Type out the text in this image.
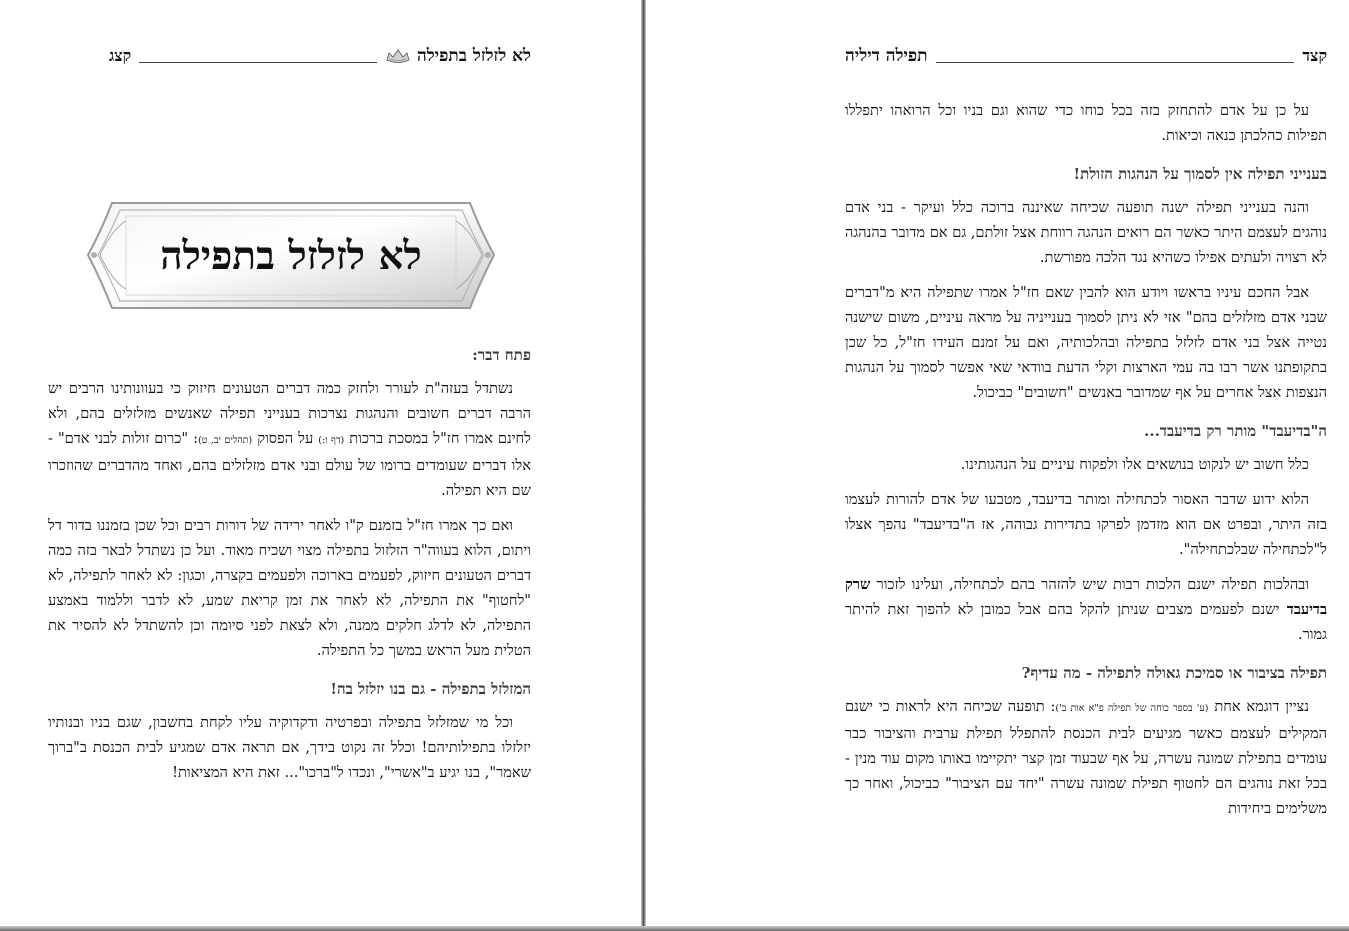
לא לזלזל בתפילה
קצג
לא לזלזל בתפילה
פתח דבר:

נשתדל בעזה"ת לעורר ולחזק כמה דברים הטעונים חיזוק כי בעוונותינו הרבים יש הרבה דברים חשובים והנהגות נצרכות בענייני תפילה שאנשים מזלזלים בהם, ולא לחינם אמרו חז"ל במסכת ברכות (דף ו:) על הפסוק (תהלים יב, ט): "כרום זולות לבני אדם" - אלו דברים שעומדים ברומו של עולם ובני אדם מזלזלים בהם, ואחד מהדברים שהוזכרו שם היא תפילה.

ואם כך אמרו חז"ל בזמנם ק"ו לאחר ירידה של דורות רבים וכל שכן בזמננו בדור דל ויתום, הלוא בעווה"ר הזלזול בתפילה מצוי ושכיח מאוד. ועל כן נשתדל לבאר בזה כמה דברים הטעונים חיזוק, לפעמים בארוכה ולפעמים בקצרה, וכגון: לא לאחר לתפילה, לא "לחטוף" את התפילה, לא לאחר את זמן קריאת שמע, לא לדבר וללמוד באמצע התפילה, לא לדלג חלקים ממנה, ולא לצאת לפני סיומה וכן להשתדל לא להסיר את הטלית מעל הראש במשך כל התפילה.

המזלזל בתפילה - גם בנו יזלזל בה!

וכל מי שמזלזל בתפילה ובפרטיה ודקדוקיה עליו לקחת בחשבון, שגם בניו ובנותיו יזלזלו בתפילותיהם! וכלל זה נקוט בידך, אם תראה אדם שמגיע לבית הכנסת ב"ברוך שאמר", בנו יגיע ב"אשרי", ונכדו ל"ברכו"... זאת היא המציאות!

קצד
תפילה דיליה

על כן על אדם להתחזק בזה בכל כוחו כדי שהוא וגם בניו וכל הרואהו יתפללו תפילות כהלכתן כנאה וכיאות.

בענייני תפילה אין לסמוך על הנהגות הזולת!

והנה בענייני תפילה ישנה תופעה שכיחה שאיננה ברוכה כלל ועיקר - בני אדם נוהגים לעצמם היתר כאשר הם רואים הנהגה רווחת אצל זולתם, גם אם מדובר בהנהגה לא רצויה ולעתים אפילו כשהיא נגד הלכה מפורשת.

אבל החכם עיניו בראשו ויודע הוא להבין שאם חז"ל אמרו שתפילה היא מ"דברים שבני אדם מזלזלים בהם" אזי לא ניתן לסמוך בענייניה על מראה עיניים, משום שישנה נטייה אצל בני אדם לזלזל בתפילה ובהלכותיה, ואם על זמנם העידו חז"ל, כל שכן בתקופתנו אשר רבו בה עמי הארצות וקלי הדעת בוודאי שאי אפשר לסמוך על הנהגות הנצפות אצל אחרים על אף שמדובר באנשים "חשובים" כביכול.

ה"בדיעבד" מותר רק בדיעבד...

כלל חשוב יש לנקוט בנושאים אלו ולפקוח עיניים על הנהגותינו.

הלוא ידוע שדבר האסור לכתחילה ומותר בדיעבד, מטבעו של אדם להורות לעצמו בזה היתר, ובפרט אם הוא מזדמן לפרקו בתדירות גבוהה, אז ה"בדיעבד" נהפך אצלו ל"לכתחילה שבלכתחילה".

ובהלכות תפילה ישנם הלכות רבות שיש להזהר בהם לכתחילה, ועלינו לזכור שרק בדיעבד ישנם לפעמים מצבים שניתן להקל בהם אבל כמובן לא להפוך זאת להיתר גמור.

תפילה בציבור או סמיכת גאולה לתפילה - מה עדיף?

נציין דוגמא אחת (ע' בספר כוחה של תפילה פ"א אות ב'): תופעה שכיחה היא לראות כי ישנם המקילים לעצמם כאשר מגיעים לבית הכנסת להתפלל תפילת ערבית והציבור כבר עומדים בתפילת שמונה עשרה, על אף שבעוד זמן קצר יתקיימו באותו מקום עוד מנין - בכל זאת נוהגים הם לחטוף תפילת שמונה עשרה "יחד עם הציבור" כביכול, ואחר כך משלימים ביחידות
